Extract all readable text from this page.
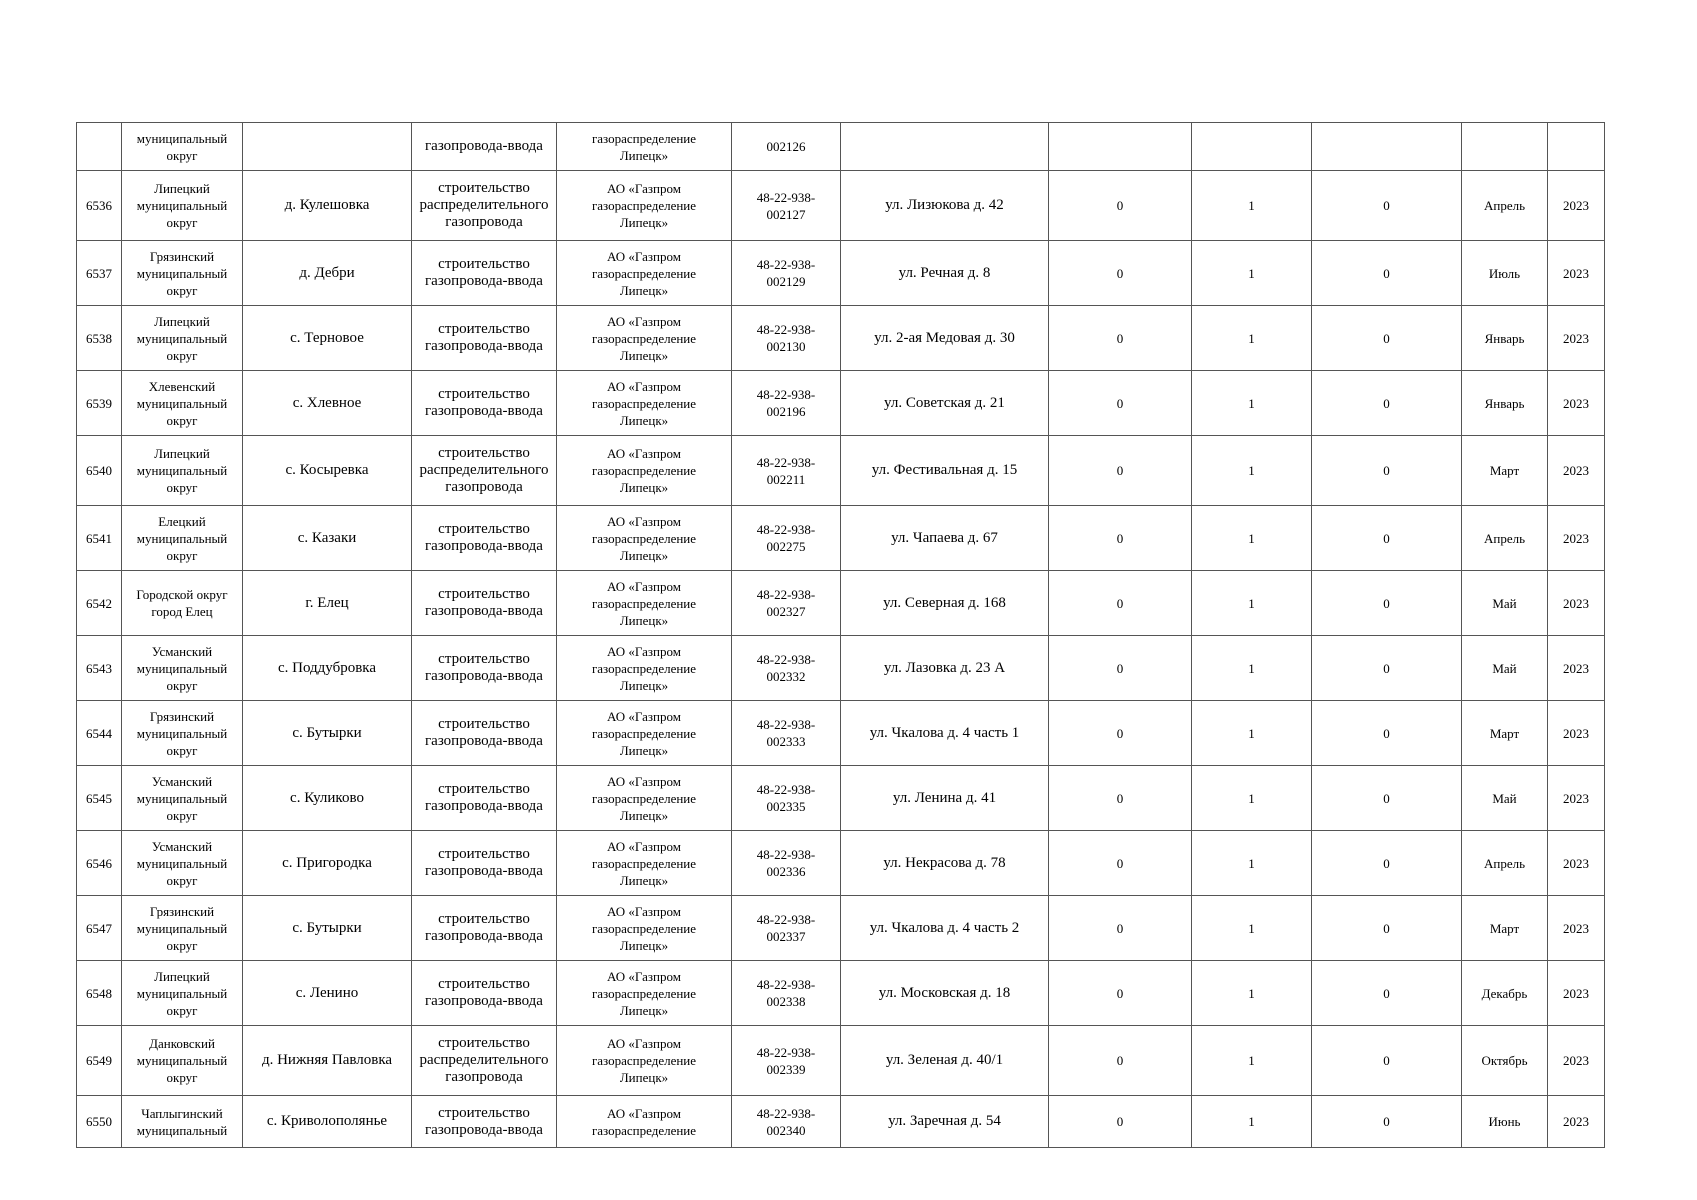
	муниципальный
округ		газопровода-ввода	газораспределение
Липецк»	002126						
6536	Липецкий
муниципальный
округ	д. Кулешовка	строительство
распределительного
газопровода	АО «Газпром
газораспределение
Липецк»	48-22-938-
002127	ул. Лизюкова д. 42	0	1	0	Апрель	2023
6537	Грязинский
муниципальный
округ	д. Дебри	строительство
газопровода-ввода	АО «Газпром
газораспределение
Липецк»	48-22-938-
002129	ул. Речная д. 8	0	1	0	Июль	2023
6538	Липецкий
муниципальный
округ	с. Терновое	строительство
газопровода-ввода	АО «Газпром
газораспределение
Липецк»	48-22-938-
002130	ул. 2-ая Медовая д. 30	0	1	0	Январь	2023
6539	Хлевенский
муниципальный
округ	с. Хлевное	строительство
газопровода-ввода	АО «Газпром
газораспределение
Липецк»	48-22-938-
002196	ул. Советская д. 21	0	1	0	Январь	2023
6540	Липецкий
муниципальный
округ	с. Косыревка	строительство
распределительного
газопровода	АО «Газпром
газораспределение
Липецк»	48-22-938-
002211	ул. Фестивальная д. 15	0	1	0	Март	2023
6541	Елецкий
муниципальный
округ	с. Казаки	строительство
газопровода-ввода	АО «Газпром
газораспределение
Липецк»	48-22-938-
002275	ул. Чапаева д. 67	0	1	0	Апрель	2023
6542	Городской округ
город Елец	г. Елец	строительство
газопровода-ввода	АО «Газпром
газораспределение
Липецк»	48-22-938-
002327	ул. Северная д. 168	0	1	0	Май	2023
6543	Усманский
муниципальный
округ	с. Поддубровка	строительство
газопровода-ввода	АО «Газпром
газораспределение
Липецк»	48-22-938-
002332	ул. Лазовка д. 23 А	0	1	0	Май	2023
6544	Грязинский
муниципальный
округ	с. Бутырки	строительство
газопровода-ввода	АО «Газпром
газораспределение
Липецк»	48-22-938-
002333	ул. Чкалова д. 4 часть 1	0	1	0	Март	2023
6545	Усманский
муниципальный
округ	с. Куликово	строительство
газопровода-ввода	АО «Газпром
газораспределение
Липецк»	48-22-938-
002335	ул. Ленина д. 41	0	1	0	Май	2023
6546	Усманский
муниципальный
округ	с. Пригородка	строительство
газопровода-ввода	АО «Газпром
газораспределение
Липецк»	48-22-938-
002336	ул. Некрасова д. 78	0	1	0	Апрель	2023
6547	Грязинский
муниципальный
округ	с. Бутырки	строительство
газопровода-ввода	АО «Газпром
газораспределение
Липецк»	48-22-938-
002337	ул. Чкалова д. 4 часть 2	0	1	0	Март	2023
6548	Липецкий
муниципальный
округ	с. Ленино	строительство
газопровода-ввода	АО «Газпром
газораспределение
Липецк»	48-22-938-
002338	ул. Московская д. 18	0	1	0	Декабрь	2023
6549	Данковский
муниципальный
округ	д. Нижняя Павловка	строительство
распределительного
газопровода	АО «Газпром
газораспределение
Липецк»	48-22-938-
002339	ул. Зеленая д. 40/1	0	1	0	Октябрь	2023
6550	Чаплыгинский
муниципальный	с. Криволополянье	строительство
газопровода-ввода	АО «Газпром
газораспределение	48-22-938-
002340	ул. Заречная д. 54	0	1	0	Июнь	2023
